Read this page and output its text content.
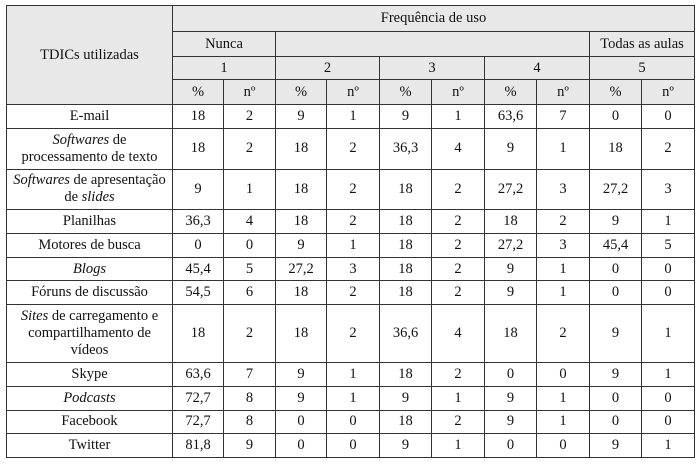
TDICs utilizadas	Frequência de uso									
	Nunca								Todas as aulas	
	1		2		3		4		5	
	%	nº	%	nº	%	nº	%	nº	%	nº
E-mail	18	2	9	1	9	1	63,6	7	0	0
Softwares de processamento de texto	18	2	18	2	36,3	4	9	1	18	2
Softwares de apresentação de slides	9	1	18	2	18	2	27,2	3	27,2	3
Planilhas	36,3	4	18	2	18	2	18	2	9	1
Motores de busca	0	0	9	1	18	2	27,2	3	45,4	5
Blogs	45,4	5	27,2	3	18	2	9	1	0	0
Fóruns de discussão	54,5	6	18	2	18	2	9	1	0	0
Sites de carregamento e compartilhamento de vídeos	18	2	18	2	36,6	4	18	2	9	1
Skype	63,6	7	9	1	18	2	0	0	9	1
Podcasts	72,7	8	9	1	9	1	9	1	0	0
Facebook	72,7	8	0	0	18	2	9	1	0	0
Twitter	81,8	9	0	0	9	1	0	0	9	1
